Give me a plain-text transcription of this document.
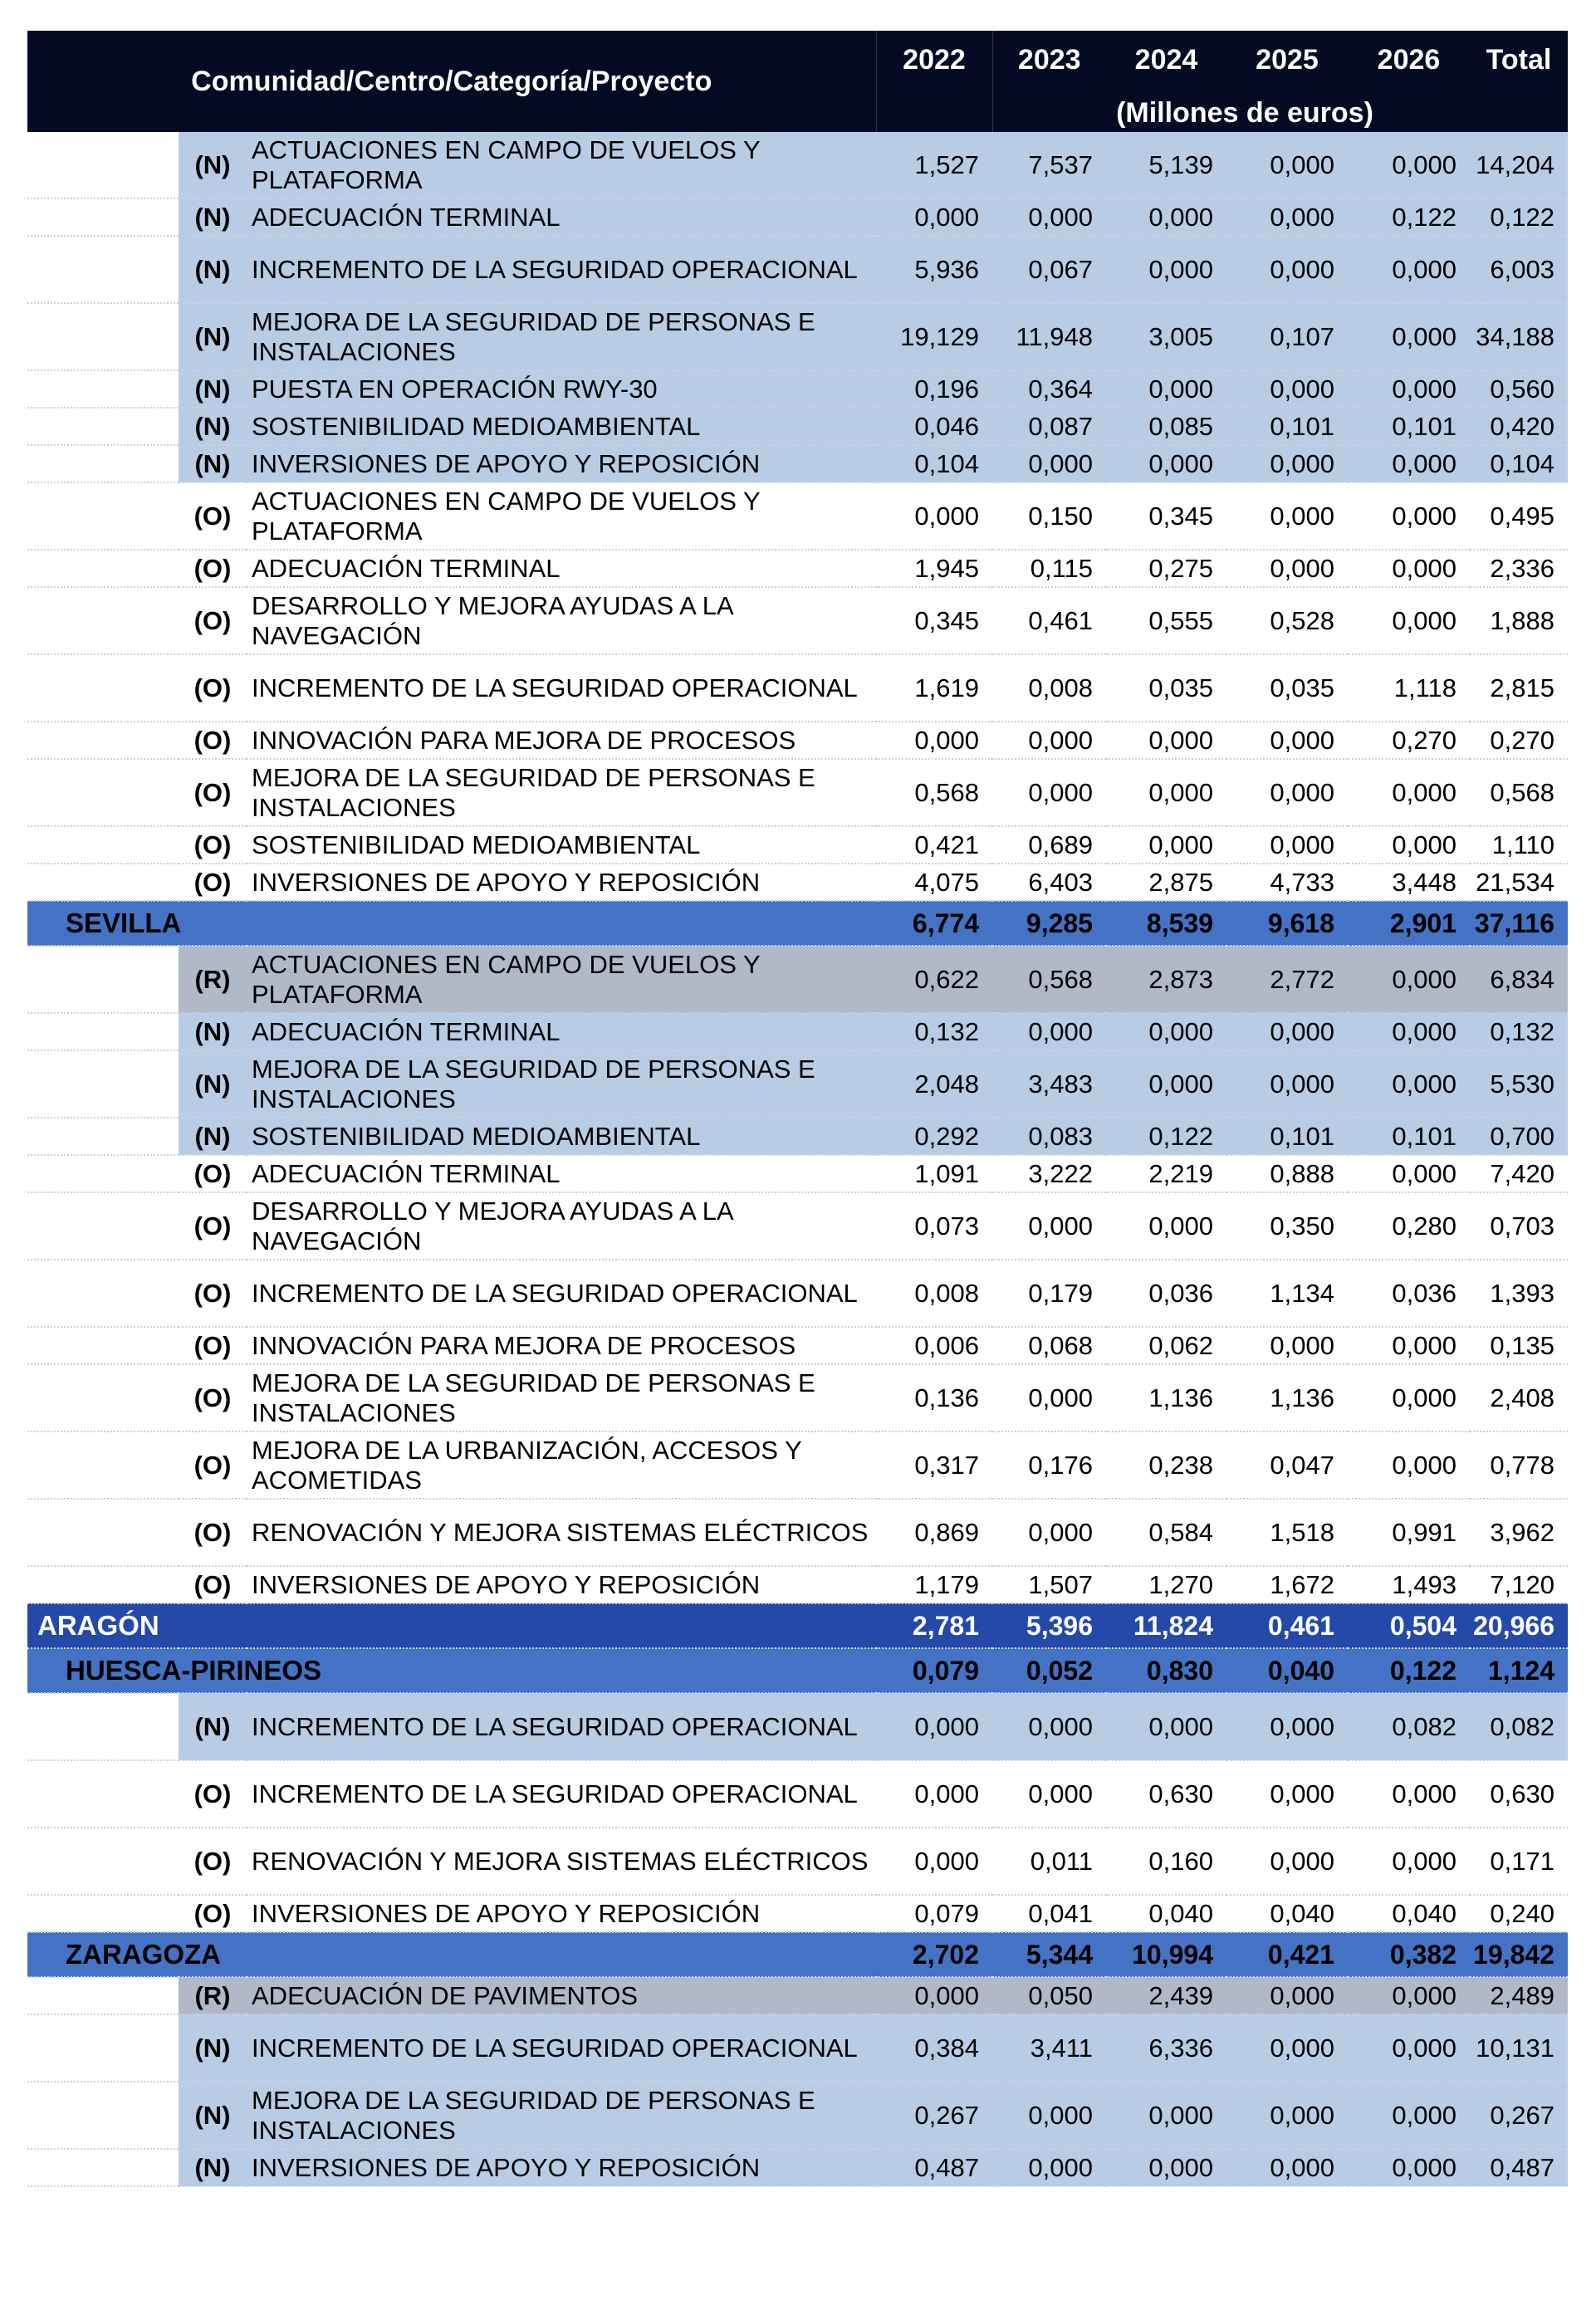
Comunidad/Centro/Categoría/Proyecto			2022	2023	2024	2025	2026	Total

	(N)	ACTUACIONES EN CAMPO DE VUELOS Y PLATAFORMA	1,527	7,537	5,139	0,000	0,000	14,204
	(N)	ADECUACIÓN TERMINAL	0,000	0,000	0,000	0,000	0,122	0,122
	(N)	INCREMENTO DE LA SEGURIDAD OPERACIONAL	5,936	0,067	0,000	0,000	0,000	6,003
	(N)	MEJORA DE LA SEGURIDAD DE PERSONAS E INSTALACIONES	19,129	11,948	3,005	0,107	0,000	34,188
	(N)	PUESTA EN OPERACIÓN RWY-30	0,196	0,364	0,000	0,000	0,000	0,560
	(N)	SOSTENIBILIDAD MEDIOAMBIENTAL	0,046	0,087	0,085	0,101	0,101	0,420
	(N)	INVERSIONES DE APOYO Y REPOSICIÓN	0,104	0,000	0,000	0,000	0,000	0,104
	(O)	ACTUACIONES EN CAMPO DE VUELOS Y PLATAFORMA	0,000	0,150	0,345	0,000	0,000	0,495
	(O)	ADECUACIÓN TERMINAL	1,945	0,115	0,275	0,000	0,000	2,336
	(O)	DESARROLLO Y MEJORA AYUDAS A LA NAVEGACIÓN	0,345	0,461	0,555	0,528	0,000	1,888
	(O)	INCREMENTO DE LA SEGURIDAD OPERACIONAL	1,619	0,008	0,035	0,035	1,118	2,815
	(O)	INNOVACIÓN PARA MEJORA DE PROCESOS	0,000	0,000	0,000	0,000	0,270	0,270
	(O)	MEJORA DE LA SEGURIDAD DE PERSONAS E INSTALACIONES	0,568	0,000	0,000	0,000	0,000	0,568
	(O)	SOSTENIBILIDAD MEDIOAMBIENTAL	0,421	0,689	0,000	0,000	0,000	1,110
	(O)	INVERSIONES DE APOYO Y REPOSICIÓN	4,075	6,403	2,875	4,733	3,448	21,534
SEVILLA			6,774	9,285	8,539	9,618	2,901	37,116
	(R)	ACTUACIONES EN CAMPO DE VUELOS Y PLATAFORMA	0,622	0,568	2,873	2,772	0,000	6,834
	(N)	ADECUACIÓN TERMINAL	0,132	0,000	0,000	0,000	0,000	0,132
	(N)	MEJORA DE LA SEGURIDAD DE PERSONAS E INSTALACIONES	2,048	3,483	0,000	0,000	0,000	5,530
	(N)	SOSTENIBILIDAD MEDIOAMBIENTAL	0,292	0,083	0,122	0,101	0,101	0,700
	(O)	ADECUACIÓN TERMINAL	1,091	3,222	2,219	0,888	0,000	7,420
	(O)	DESARROLLO Y MEJORA AYUDAS A LA NAVEGACIÓN	0,073	0,000	0,000	0,350	0,280	0,703
	(O)	INCREMENTO DE LA SEGURIDAD OPERACIONAL	0,008	0,179	0,036	1,134	0,036	1,393
	(O)	INNOVACIÓN PARA MEJORA DE PROCESOS	0,006	0,068	0,062	0,000	0,000	0,135
	(O)	MEJORA DE LA SEGURIDAD DE PERSONAS E INSTALACIONES	0,136	0,000	1,136	1,136	0,000	2,408
	(O)	MEJORA DE LA URBANIZACIÓN, ACCESOS Y ACOMETIDAS	0,317	0,176	0,238	0,047	0,000	0,778
	(O)	RENOVACIÓN Y MEJORA SISTEMAS ELÉCTRICOS	0,869	0,000	0,584	1,518	0,991	3,962
	(O)	INVERSIONES DE APOYO Y REPOSICIÓN	1,179	1,507	1,270	1,672	1,493	7,120
ARAGÓN			2,781	5,396	11,824	0,461	0,504	20,966
HUESCA-PIRINEOS			0,079	0,052	0,830	0,040	0,122	1,124
	(N)	INCREMENTO DE LA SEGURIDAD OPERACIONAL	0,000	0,000	0,000	0,000	0,082	0,082
	(O)	INCREMENTO DE LA SEGURIDAD OPERACIONAL	0,000	0,000	0,630	0,000	0,000	0,630
	(O)	RENOVACIÓN Y MEJORA SISTEMAS ELÉCTRICOS	0,000	0,011	0,160	0,000	0,000	0,171
	(O)	INVERSIONES DE APOYO Y REPOSICIÓN	0,079	0,041	0,040	0,040	0,040	0,240
ZARAGOZA			2,702	5,344	10,994	0,421	0,382	19,842
	(R)	ADECUACIÓN DE PAVIMENTOS	0,000	0,050	2,439	0,000	0,000	2,489
	(N)	INCREMENTO DE LA SEGURIDAD OPERACIONAL	0,384	3,411	6,336	0,000	0,000	10,131
	(N)	MEJORA DE LA SEGURIDAD DE PERSONAS E INSTALACIONES	0,267	0,000	0,000	0,000	0,000	0,267
	(N)	INVERSIONES DE APOYO Y REPOSICIÓN	0,487	0,000	0,000	0,000	0,000	0,487
(Millones de euros)
